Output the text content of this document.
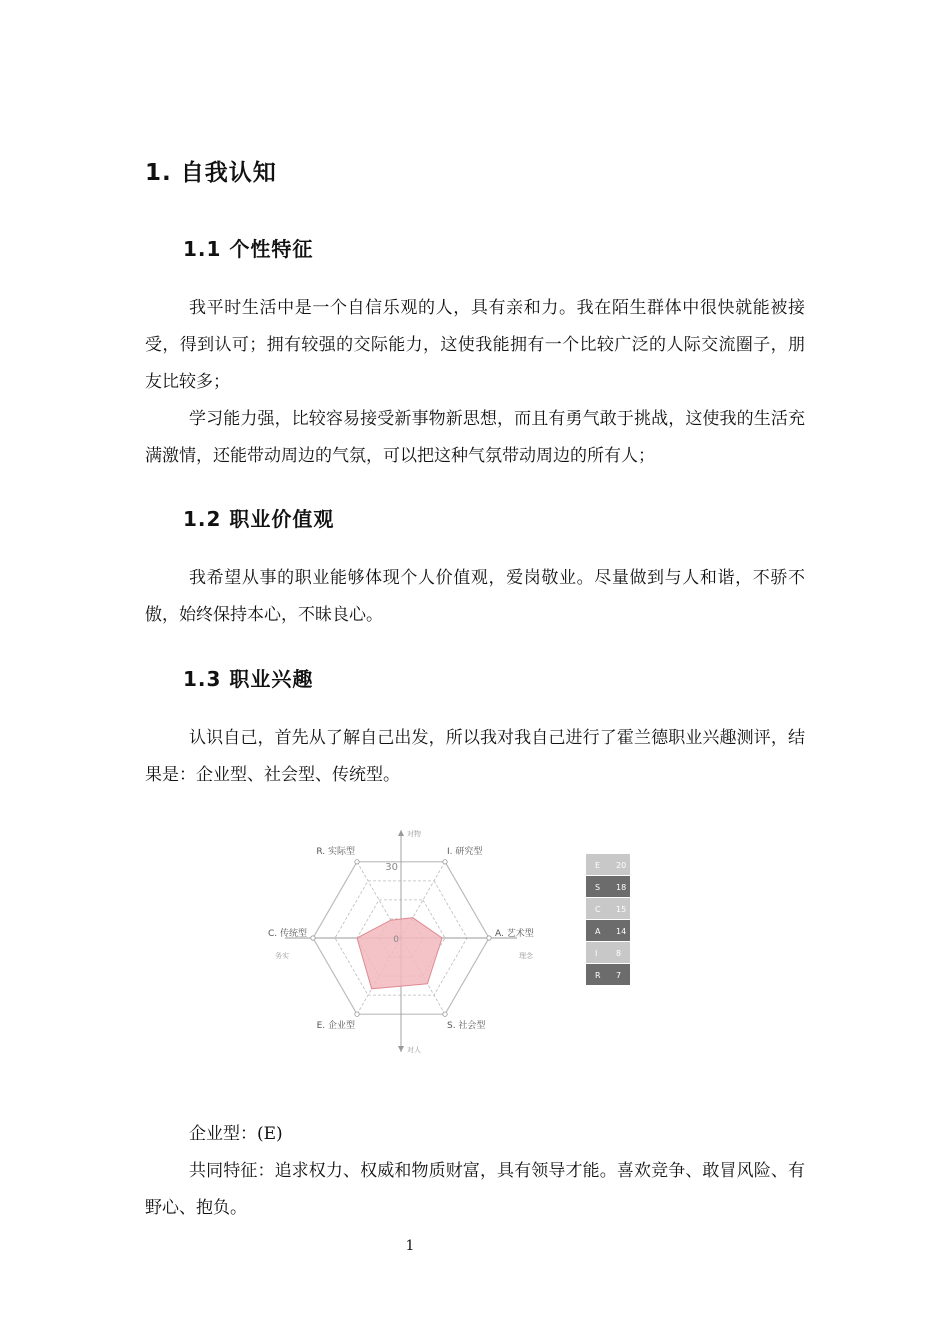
1. 自我认知
1.1 个性特征

我平时生活中是一个自信乐观的人，具有亲和力。我在陌生群体中很快就能被接受，得到认可；拥有较强的交际能力，这使我能拥有一个比较广泛的人际交流圈子，朋友比较多；

学习能力强，比较容易接受新事物新思想，而且有勇气敢于挑战，这使我的生活充满激情，还能带动周边的气氛，可以把这种气氛带动周边的所有人；

1.2 职业价值观

我希望从事的职业能够体现个人价值观，爱岗敬业。尽量做到与人和谐，不骄不傲，始终保持本心，不昧良心。

1.3 职业兴趣

认识自己，首先从了解自己出发，所以我对我自己进行了霍兰德职业兴趣测评，结果是：企业型、社会型、传统型。

I. 研究型
A. 艺术型
S. 社会型
E. 企业型
C. 传统型
R. 实际型
30
0
对物
对人
务实	理念
E 20
S 18
C 15
A 14
I 8
R 7

企业型：(E)

共同特征：追求权力、权威和物质财富，具有领导才能。喜欢竞争、敢冒风险、有野心、抱负。

1
